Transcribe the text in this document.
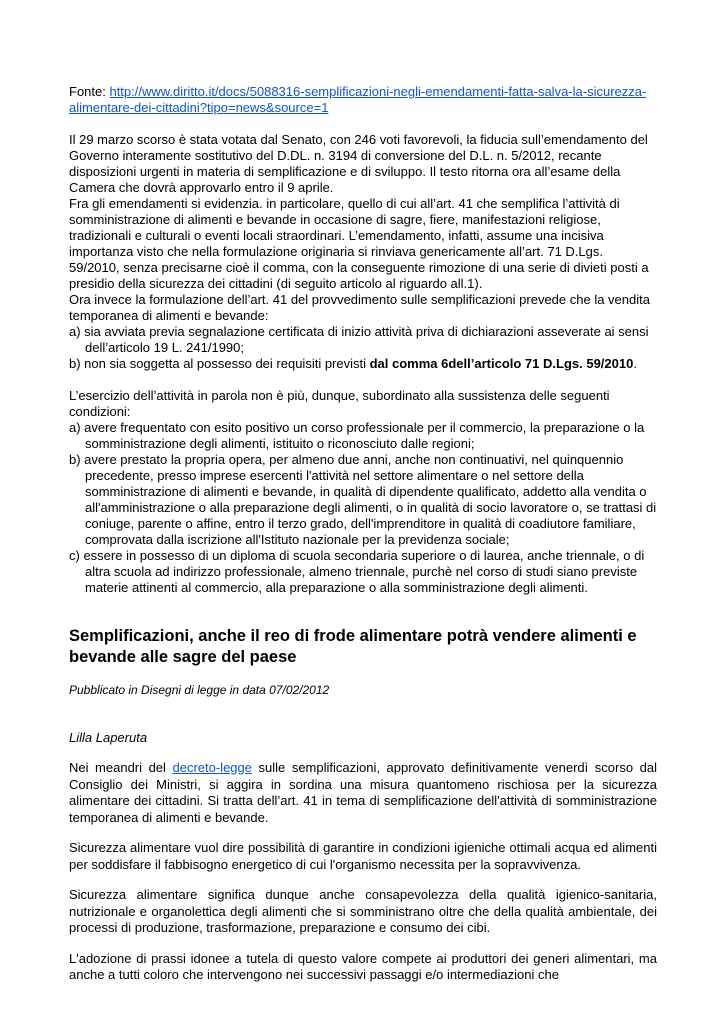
Fonte: http://www.diritto.it/docs/5088316-semplificazioni-negli-emendamenti-fatta-salva-la-sicurezza-alimentare-dei-cittadini?tipo=news&source=1

Il 29 marzo scorso è stata votata dal Senato, con 246 voti favorevoli, la fiducia sull’emendamento del Governo interamente sostitutivo del D.DL. n. 3194 di conversione del D.L. n. 5/2012, recante disposizioni urgenti in materia di semplificazione e di sviluppo. Il testo ritorna ora all’esame della Camera che dovrà approvarlo entro il 9 aprile.

Fra gli emendamenti si evidenzia. in particolare, quello di cui all’art. 41 che semplifica l’attività di somministrazione di alimenti e bevande in occasione di sagre, fiere, manifestazioni religiose, tradizionali e culturali o eventi locali straordinari. L’emendamento, infatti, assume una incisiva importanza visto che nella formulazione originaria si rinviava genericamente all’art. 71 D.Lgs. 59/2010, senza precisarne cioè il comma, con la conseguente rimozione di una serie di divieti posti a presidio della sicurezza dei cittadini (di seguito articolo al riguardo all.1).

Ora invece la formulazione dell’art. 41 del provvedimento sulle semplificazioni prevede che la vendita temporanea di alimenti e bevande:

a) sia avviata previa segnalazione certificata di inizio attività priva di dichiarazioni asseverate ai sensi dell’articolo 19 L. 241/1990;

b) non sia soggetta al possesso dei requisiti previsti dal comma 6dell’articolo 71 D.Lgs. 59/2010.

L’esercizio dell’attività in parola non è più, dunque, subordinato alla sussistenza delle seguenti condizioni:

a) avere frequentato con esito positivo un corso professionale per il commercio, la preparazione o la somministrazione degli alimenti, istituito o riconosciuto dalle regioni;

b) avere prestato la propria opera, per almeno due anni, anche non continuativi, nel quinquennio precedente, presso imprese esercenti l'attività nel settore alimentare o nel settore della somministrazione di alimenti e bevande, in qualità di dipendente qualificato, addetto alla vendita o all'amministrazione o alla preparazione degli alimenti, o in qualità di socio lavoratore o, se trattasi di coniuge, parente o affine, entro il terzo grado, dell'imprenditore in qualità di coadiutore familiare, comprovata dalla iscrizione all'Istituto nazionale per la previdenza sociale;

c) essere in possesso di un diploma di scuola secondaria superiore o di laurea, anche triennale, o di altra scuola ad indirizzo professionale, almeno triennale, purchè nel corso di studi siano previste materie attinenti al commercio, alla preparazione o alla somministrazione degli alimenti.

Semplificazioni, anche il reo di frode alimentare potrà vendere alimenti e bevande alle sagre del paese

Pubblicato in Disegni di legge in data 07/02/2012

Lilla Laperuta

Nei meandri del decreto-legge sulle semplificazioni, approvato definitivamente venerdì scorso dal Consiglio dei Ministri, si aggira in sordina una misura quantomeno rischiosa per la sicurezza alimentare dei cittadini. Si tratta dell’art. 41 in tema di semplificazione dell'attività di somministrazione temporanea di alimenti e bevande.

Sicurezza alimentare vuol dire possibilità di garantire in condizioni igieniche ottimali acqua ed alimenti per soddisfare il fabbisogno energetico di cui l'organismo necessita per la sopravvivenza.

Sicurezza alimentare significa dunque anche consapevolezza della qualità igienico-sanitaria, nutrizionale e organolettica degli alimenti che si somministrano oltre che della qualità ambientale, dei processi di produzione, trasformazione, preparazione e consumo dei cibi.

L'adozione di prassi idonee a tutela di questo valore compete ai produttori dei generi alimentari, ma anche a tutti coloro che intervengono nei successivi passaggi e/o intermediazioni che
